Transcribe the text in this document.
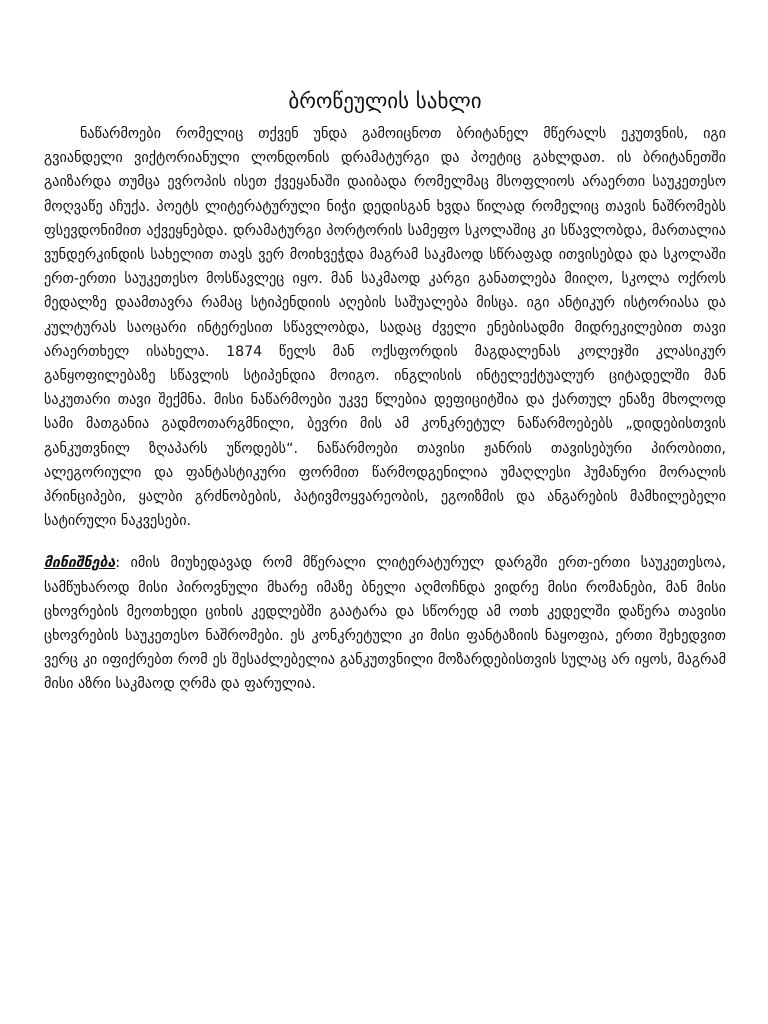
ბროწეულის სახლი

ნაწარმოები რომელიც თქვენ უნდა გამოიცნოთ ბრიტანელ მწერალს ეკუთვნის, იგი გვიანდელი ვიქტორიანული ლონდონის დრამატურგი და პოეტიც გახლდათ. ის ბრიტანეთში გაიზარდა თუმცა ევროპის ისეთ ქვეყანაში დაიბადა რომელმაც მსოფლიოს არაერთი საუკეთესო მოღვაწე აჩუქა. პოეტს ლიტერატურული ნიჭი დედისგან ხვდა წილად რომელიც თავის ნაშრომებს ფსევდონიმით აქვეყნებდა. დრამატურგი პორტორის სამეფო სკოლაშიც კი სწავლობდა, მართალია ვუნდერკინდის სახელით თავს ვერ მოიხვეჭდა მაგრამ საკმაოდ სწრაფად ითვისებდა და სკოლაში ერთ-ერთი საუკეთესო მოსწავლეც იყო. მან საკმაოდ კარგი განათლება მიიღო, სკოლა ოქროს მედალზე დაამთავრა რამაც სტიპენდიის აღების საშუალება მისცა. იგი ანტიკურ ისტორიასა და კულტურას საოცარი ინტერესით სწავლობდა, სადაც ძველი ენებისადმი მიდრეკილებით თავი არაერთხელ ისახელა. 1874 წელს მან ოქსფორდის მაგდალენას კოლეჯში კლასიკურ განყოფილებაზე სწავლის სტიპენდია მოიგო. ინგლისის ინტელექტუალურ ციტადელში მან საკუთარი თავი შექმნა. მისი ნაწარმოები უკვე წლებია დეფიციტშია და ქართულ ენაზე მხოლოდ სამი მათგანია გადმოთარგმნილი, ბევრი მის ამ კონკრეტულ ნაწარმოებებს „დიდებისთვის განკუთვნილ ზღაპარს უწოდებს“. ნაწარმოები თავისი ჟანრის თავისებური პირობითი, ალეგორიული და ფანტასტიკური ფორმით წარმოდგენილია უმაღლესი ჰუმანური მორალის პრინციპები, ყალბი გრძნობების, პატივმოყვარეობის, ეგოიზმის და ანგარების მამხილებელი სატირული ნაკვესები.

მინიშნება: იმის მიუხედავად რომ მწერალი ლიტერატურულ დარგში ერთ-ერთი საუკეთესოა, სამწუხაროდ მისი პიროვნული მხარე იმაზე ბნელი აღმოჩნდა ვიდრე მისი რომანები, მან მისი ცხოვრების მეოთხედი ციხის კედლებში გაატარა და სწორედ ამ ოთხ კედელში დაწერა თავისი ცხოვრების საუკეთესო ნაშრომები. ეს კონკრეტული კი მისი ფანტაზიის ნაყოფია, ერთი შეხედვით ვერც კი იფიქრებთ რომ ეს შესაძლებელია განკუთვნილი მოზარდებისთვის სულაც არ იყოს, მაგრამ მისი აზრი საკმაოდ ღრმა და ფარულია.
